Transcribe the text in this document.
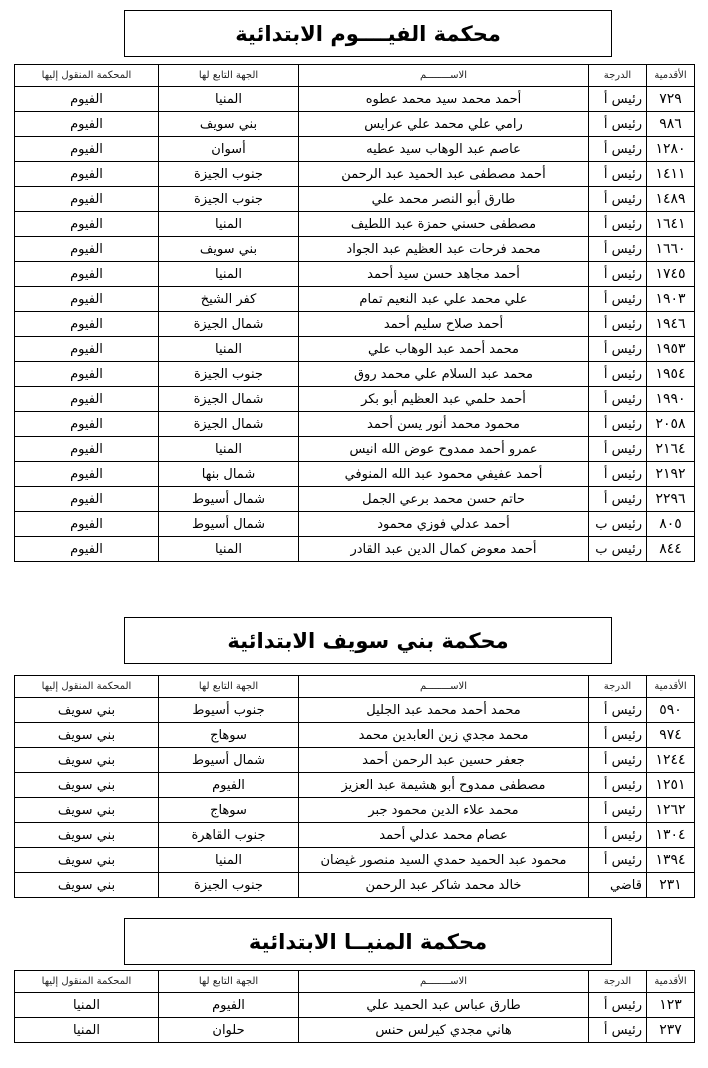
محكمة الفيــــوم الابتدائية
الأقدمية	الدرجة	الاســــــــم	الجهة التابع لها	المحكمة المنقول إليها
٧٢٩	رئيس أ	أحمد محمد سيد محمد عطوه	المنيا	الفيوم
٩٨٦	رئيس أ	رامي علي محمد علي عرايس	بني سويف	الفيوم
١٢٨٠	رئيس أ	عاصم عبد الوهاب سيد عطيه	أسوان	الفيوم
١٤١١	رئيس أ	أحمد مصطفى عبد الحميد عبد الرحمن	جنوب الجيزة	الفيوم
١٤٨٩	رئيس أ	طارق أبو النصر محمد علي	جنوب الجيزة	الفيوم
١٦٤١	رئيس أ	مصطفى حسني حمزة عبد اللطيف	المنيا	الفيوم
١٦٦٠	رئيس أ	محمد فرحات عبد العظيم عبد الجواد	بني سويف	الفيوم
١٧٤٥	رئيس أ	أحمد مجاهد حسن سيد أحمد	المنيا	الفيوم
١٩٠٣	رئيس أ	علي محمد علي عبد النعيم تمام	كفر الشيخ	الفيوم
١٩٤٦	رئيس أ	أحمد صلاح سليم أحمد	شمال الجيزة	الفيوم
١٩٥٣	رئيس أ	محمد أحمد عبد الوهاب علي	المنيا	الفيوم
١٩٥٤	رئيس أ	محمد عبد السلام علي محمد روق	جنوب الجيزة	الفيوم
١٩٩٠	رئيس أ	أحمد حلمي عبد العظيم أبو بكر	شمال الجيزة	الفيوم
٢٠٥٨	رئيس أ	محمود محمد أنور يسن أحمد	شمال الجيزة	الفيوم
٢١٦٤	رئيس أ	عمرو أحمد ممدوح عوض الله انيس	المنيا	الفيوم
٢١٩٢	رئيس أ	أحمد عفيفي محمود عبد الله المنوفي	شمال بنها	الفيوم
٢٢٩٦	رئيس أ	حاتم حسن محمد برعي الجمل	شمال أسيوط	الفيوم
٨٠٥	رئيس ب	أحمد عدلي فوزي محمود	شمال أسيوط	الفيوم
٨٤٤	رئيس ب	أحمد معوض كمال الدين عبد القادر	المنيا	الفيوم
محكمة بني سويف الابتدائية
الأقدمية	الدرجة	الاســــــــم	الجهة التابع لها	المحكمة المنقول إليها
٥٩٠	رئيس أ	محمد أحمد محمد عبد الجليل	جنوب أسيوط	بني سويف
٩٧٤	رئيس أ	محمد مجدي زين العابدين محمد	سوهاج	بني سويف
١٢٤٤	رئيس أ	جعفر حسين عبد الرحمن أحمد	شمال أسيوط	بني سويف
١٢٥١	رئيس أ	مصطفى ممدوح أبو هشيمة عبد العزيز	الفيوم	بني سويف
١٢٦٢	رئيس أ	محمد علاء الدين محمود جبر	سوهاج	بني سويف
١٣٠٤	رئيس أ	عصام محمد عدلي أحمد	جنوب القاهرة	بني سويف
١٣٩٤	رئيس أ	محمود عبد الحميد حمدي السيد منصور غيضان	المنيا	بني سويف
٢٣١	قاضي	خالد محمد شاكر عبد الرحمن	جنوب الجيزة	بني سويف
محكمة المنيــا الابتدائية
الأقدمية	الدرجة	الاســــــــم	الجهة التابع لها	المحكمة المنقول إليها
١٢٣	رئيس أ	طارق عباس عبد الحميد علي	الفيوم	المنيا
٢٣٧	رئيس أ	هاني مجدي كيرلس حنس	حلوان	المنيا
